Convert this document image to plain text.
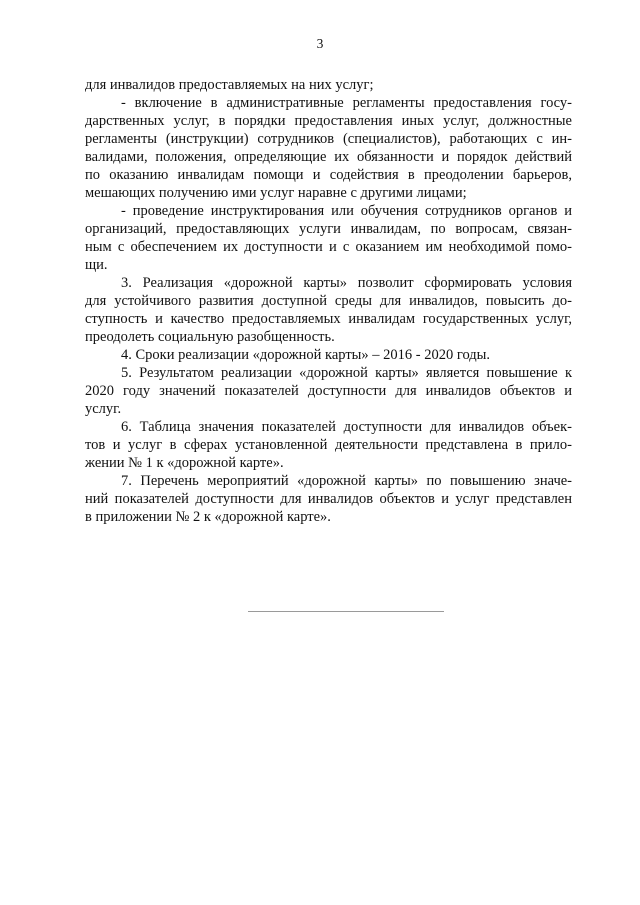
3
для инвалидов предоставляемых на них услуг;
- включение в административные регламенты предоставления госу-
дарственных услуг, в порядки предоставления иных услуг, должностные
регламенты (инструкции) сотрудников (специалистов), работающих с ин-
валидами, положения, определяющие их обязанности и порядок действий
по оказанию инвалидам помощи и содействия в преодолении барьеров,
мешающих получению ими услуг наравне с другими лицами;
- проведение инструктирования или обучения сотрудников органов и
организаций, предоставляющих услуги инвалидам, по вопросам, связан-
ным с обеспечением их доступности и с оказанием им необходимой помо-
щи.
3. Реализация «дорожной карты» позволит сформировать условия
для устойчивого развития доступной среды для инвалидов, повысить до-
ступность и качество предоставляемых инвалидам государственных услуг,
преодолеть социальную разобщенность.
4. Сроки реализации «дорожной карты» – 2016 - 2020 годы.
5. Результатом реализации «дорожной карты» является повышение к
2020 году значений показателей доступности для инвалидов объектов и
услуг.
6. Таблица значения показателей доступности для инвалидов объек-
тов и услуг в сферах установленной деятельности представлена в прило-
жении № 1 к «дорожной карте».
7. Перечень мероприятий «дорожной карты» по повышению значе-
ний показателей доступности для инвалидов объектов и услуг представлен
в приложении № 2 к «дорожной карте».
